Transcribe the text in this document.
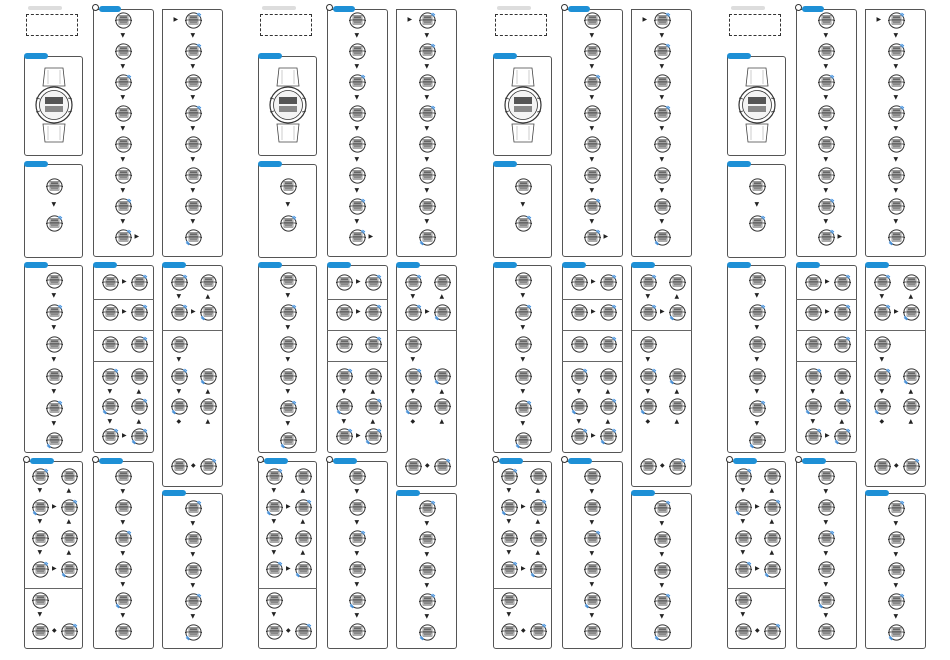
▼
▼
▼
▼
▼
▼
▼
▼
▶
▶
▼
▼
▼
▼
▼
▼
▼
▼
▼
▼
▼
▼
▶
▶
▼	▲
▼	▲
▶
▼	▲
▶
▼
▼	▲
◆	▲
◆
▼	▲
▶
▼	▲
▼	▲
▶
▼
◆
▼
▼
▼
▼
▼
▼
▼
▼
▼
▼
▼
▼
▼
▼
▼
▼
▼
▶
▶
▼
▼
▼
▼
▼
▼
▼
▼
▼
▼
▼
▼
▶
▶
▼	▲
▼	▲
▶
▼	▲
▶
▼
▼	▲
◆	▲
◆
▼	▲
▶
▼	▲
▼	▲
▶
▼
◆
▼
▼
▼
▼
▼
▼
▼
▼
▼
▼
▼
▼
▼
▼
▼
▼
▼
▶
▶
▼
▼
▼
▼
▼
▼
▼
▼
▼
▼
▼
▼
▶
▶
▼	▲
▼	▲
▶
▼	▲
▶
▼
▼	▲
◆	▲
◆
▼	▲
▶
▼	▲
▼	▲
▶
▼
◆
▼
▼
▼
▼
▼
▼
▼
▼
▼
▼
▼
▼
▼
▼
▼
▼
▼
▶
▶
▼
▼
▼
▼
▼
▼
▼
▼
▼
▼
▼
▼
▶
▶
▼	▲
▼	▲
▶
▼	▲
▶
▼
▼	▲
◆	▲
◆
▼	▲
▶
▼	▲
▼	▲
▶
▼
◆
▼
▼
▼
▼
▼
▼
▼
▼
▼
